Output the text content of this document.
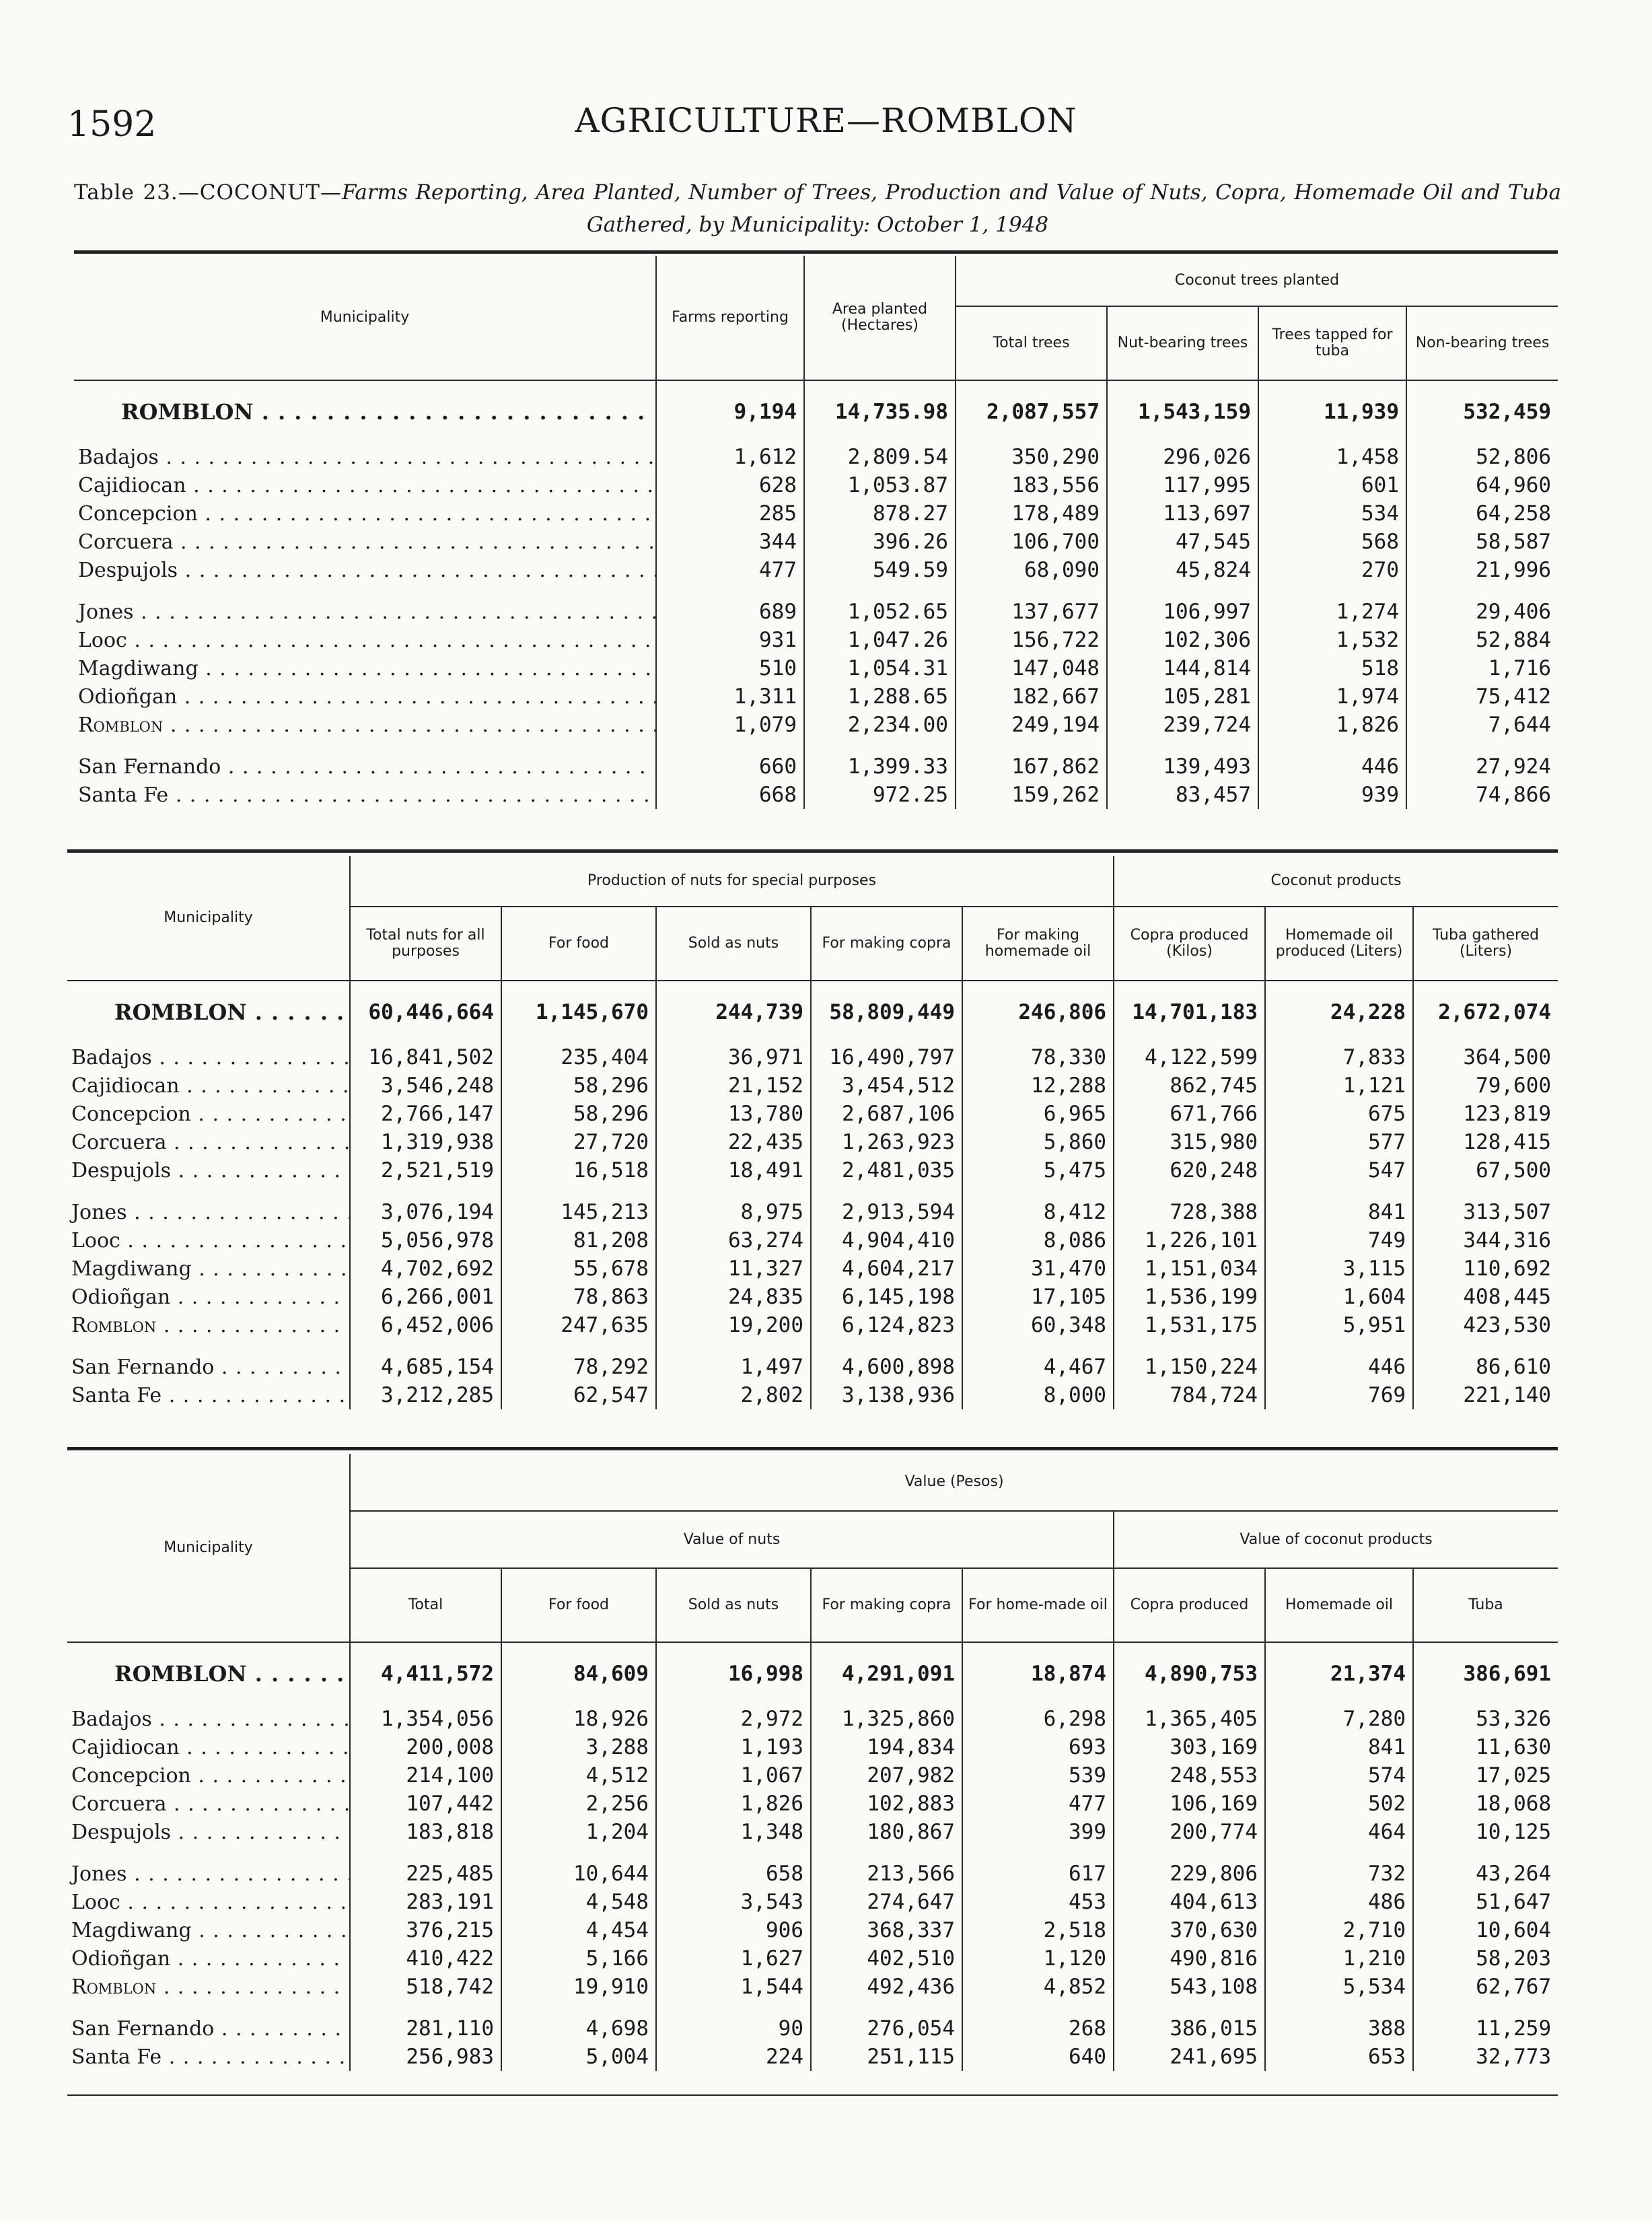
1592	AGRICULTURE—ROMBLON
Table 23.—COCONUT—Farms Reporting, Area Planted, Number of Trees, Production and Value of Nuts, Copra, Homemade Oil and Tuba Gathered, by Municipality: October 1, 1948
Municipality	Farms reporting	Area planted (Hectares)	Coconut trees planted			
			Total trees	Nut-bearing trees	Trees tapped for tuba	Non-bearing trees
ROMBLON . . .	9,194	14,735.98	2,087,557	1,543,159	11,939	532,459
Badajos . . .	1,612	2,809.54	350,290	296,026	1,458	52,806
Cajidiocan . . .	628	1,053.87	183,556	117,995	601	64,960
Concepcion . . .	285	878.27	178,489	113,697	534	64,258
Corcuera . . .	344	396.26	106,700	47,545	568	58,587
Despujols . . .	477	549.59	68,090	45,824	270	21,996

Jones . . .	689	1,052.65	137,677	106,997	1,274	29,406
Looc . . .	931	1,047.26	156,722	102,306	1,532	52,884
Magdiwang . . .	510	1,054.31	147,048	144,814	518	1,716
Odioñgan . . .	1,311	1,288.65	182,667	105,281	1,974	75,412
Romblon . . .	1,079	2,234.00	249,194	239,724	1,826	7,644

San Fernando . . .	660	1,399.33	167,862	139,493	446	27,924
Santa Fe . . .	668	972.25	159,262	83,457	939	74,866
Municipality	Production of nuts for special purposes					Coconut products		
	Total nuts for all purposes	For food	Sold as nuts	For making copra	For making homemade oil	Copra produced (Kilos)	Homemade oil produced (Liters)	Tuba gathered (Liters)
ROMBLON . . .	60,446,664	1,145,670	244,739	58,809,449	246,806	14,701,183	24,228	2,672,074
Badajos . . .	16,841,502	235,404	36,971	16,490,797	78,330	4,122,599	7,833	364,500
Cajidiocan . . .	3,546,248	58,296	21,152	3,454,512	12,288	862,745	1,121	79,600
Concepcion . . .	2,766,147	58,296	13,780	2,687,106	6,965	671,766	675	123,819
Corcuera . . .	1,319,938	27,720	22,435	1,263,923	5,860	315,980	577	128,415
Despujols . . .	2,521,519	16,518	18,491	2,481,035	5,475	620,248	547	67,500

Jones . . .	3,076,194	145,213	8,975	2,913,594	8,412	728,388	841	313,507
Looc . . .	5,056,978	81,208	63,274	4,904,410	8,086	1,226,101	749	344,316
Magdiwang . . .	4,702,692	55,678	11,327	4,604,217	31,470	1,151,034	3,115	110,692
Odioñgan . . .	6,266,001	78,863	24,835	6,145,198	17,105	1,536,199	1,604	408,445
Romblon . . .	6,452,006	247,635	19,200	6,124,823	60,348	1,531,175	5,951	423,530

San Fernando . . .	4,685,154	78,292	1,497	4,600,898	4,467	1,150,224	446	86,610
Santa Fe . . .	3,212,285	62,547	2,802	3,138,936	8,000	784,724	769	221,140
Municipality	Value (Pesos)							
	Value of nuts					Value of coconut products		
	Total	For food	Sold as nuts	For making copra	For home-made oil	Copra produced	Homemade oil	Tuba
ROMBLON . . .	4,411,572	84,609	16,998	4,291,091	18,874	4,890,753	21,374	386,691
Badajos . . .	1,354,056	18,926	2,972	1,325,860	6,298	1,365,405	7,280	53,326
Cajidiocan . . .	200,008	3,288	1,193	194,834	693	303,169	841	11,630
Concepcion . . .	214,100	4,512	1,067	207,982	539	248,553	574	17,025
Corcuera . . .	107,442	2,256	1,826	102,883	477	106,169	502	18,068
Despujols . . .	183,818	1,204	1,348	180,867	399	200,774	464	10,125

Jones . . .	225,485	10,644	658	213,566	617	229,806	732	43,264
Looc . . .	283,191	4,548	3,543	274,647	453	404,613	486	51,647
Magdiwang . . .	376,215	4,454	906	368,337	2,518	370,630	2,710	10,604
Odioñgan . . .	410,422	5,166	1,627	402,510	1,120	490,816	1,210	58,203
Romblon . . .	518,742	19,910	1,544	492,436	4,852	543,108	5,534	62,767

San Fernando . . .	281,110	4,698	90	276,054	268	386,015	388	11,259
Santa Fe . . .	256,983	5,004	224	251,115	640	241,695	653	32,773
